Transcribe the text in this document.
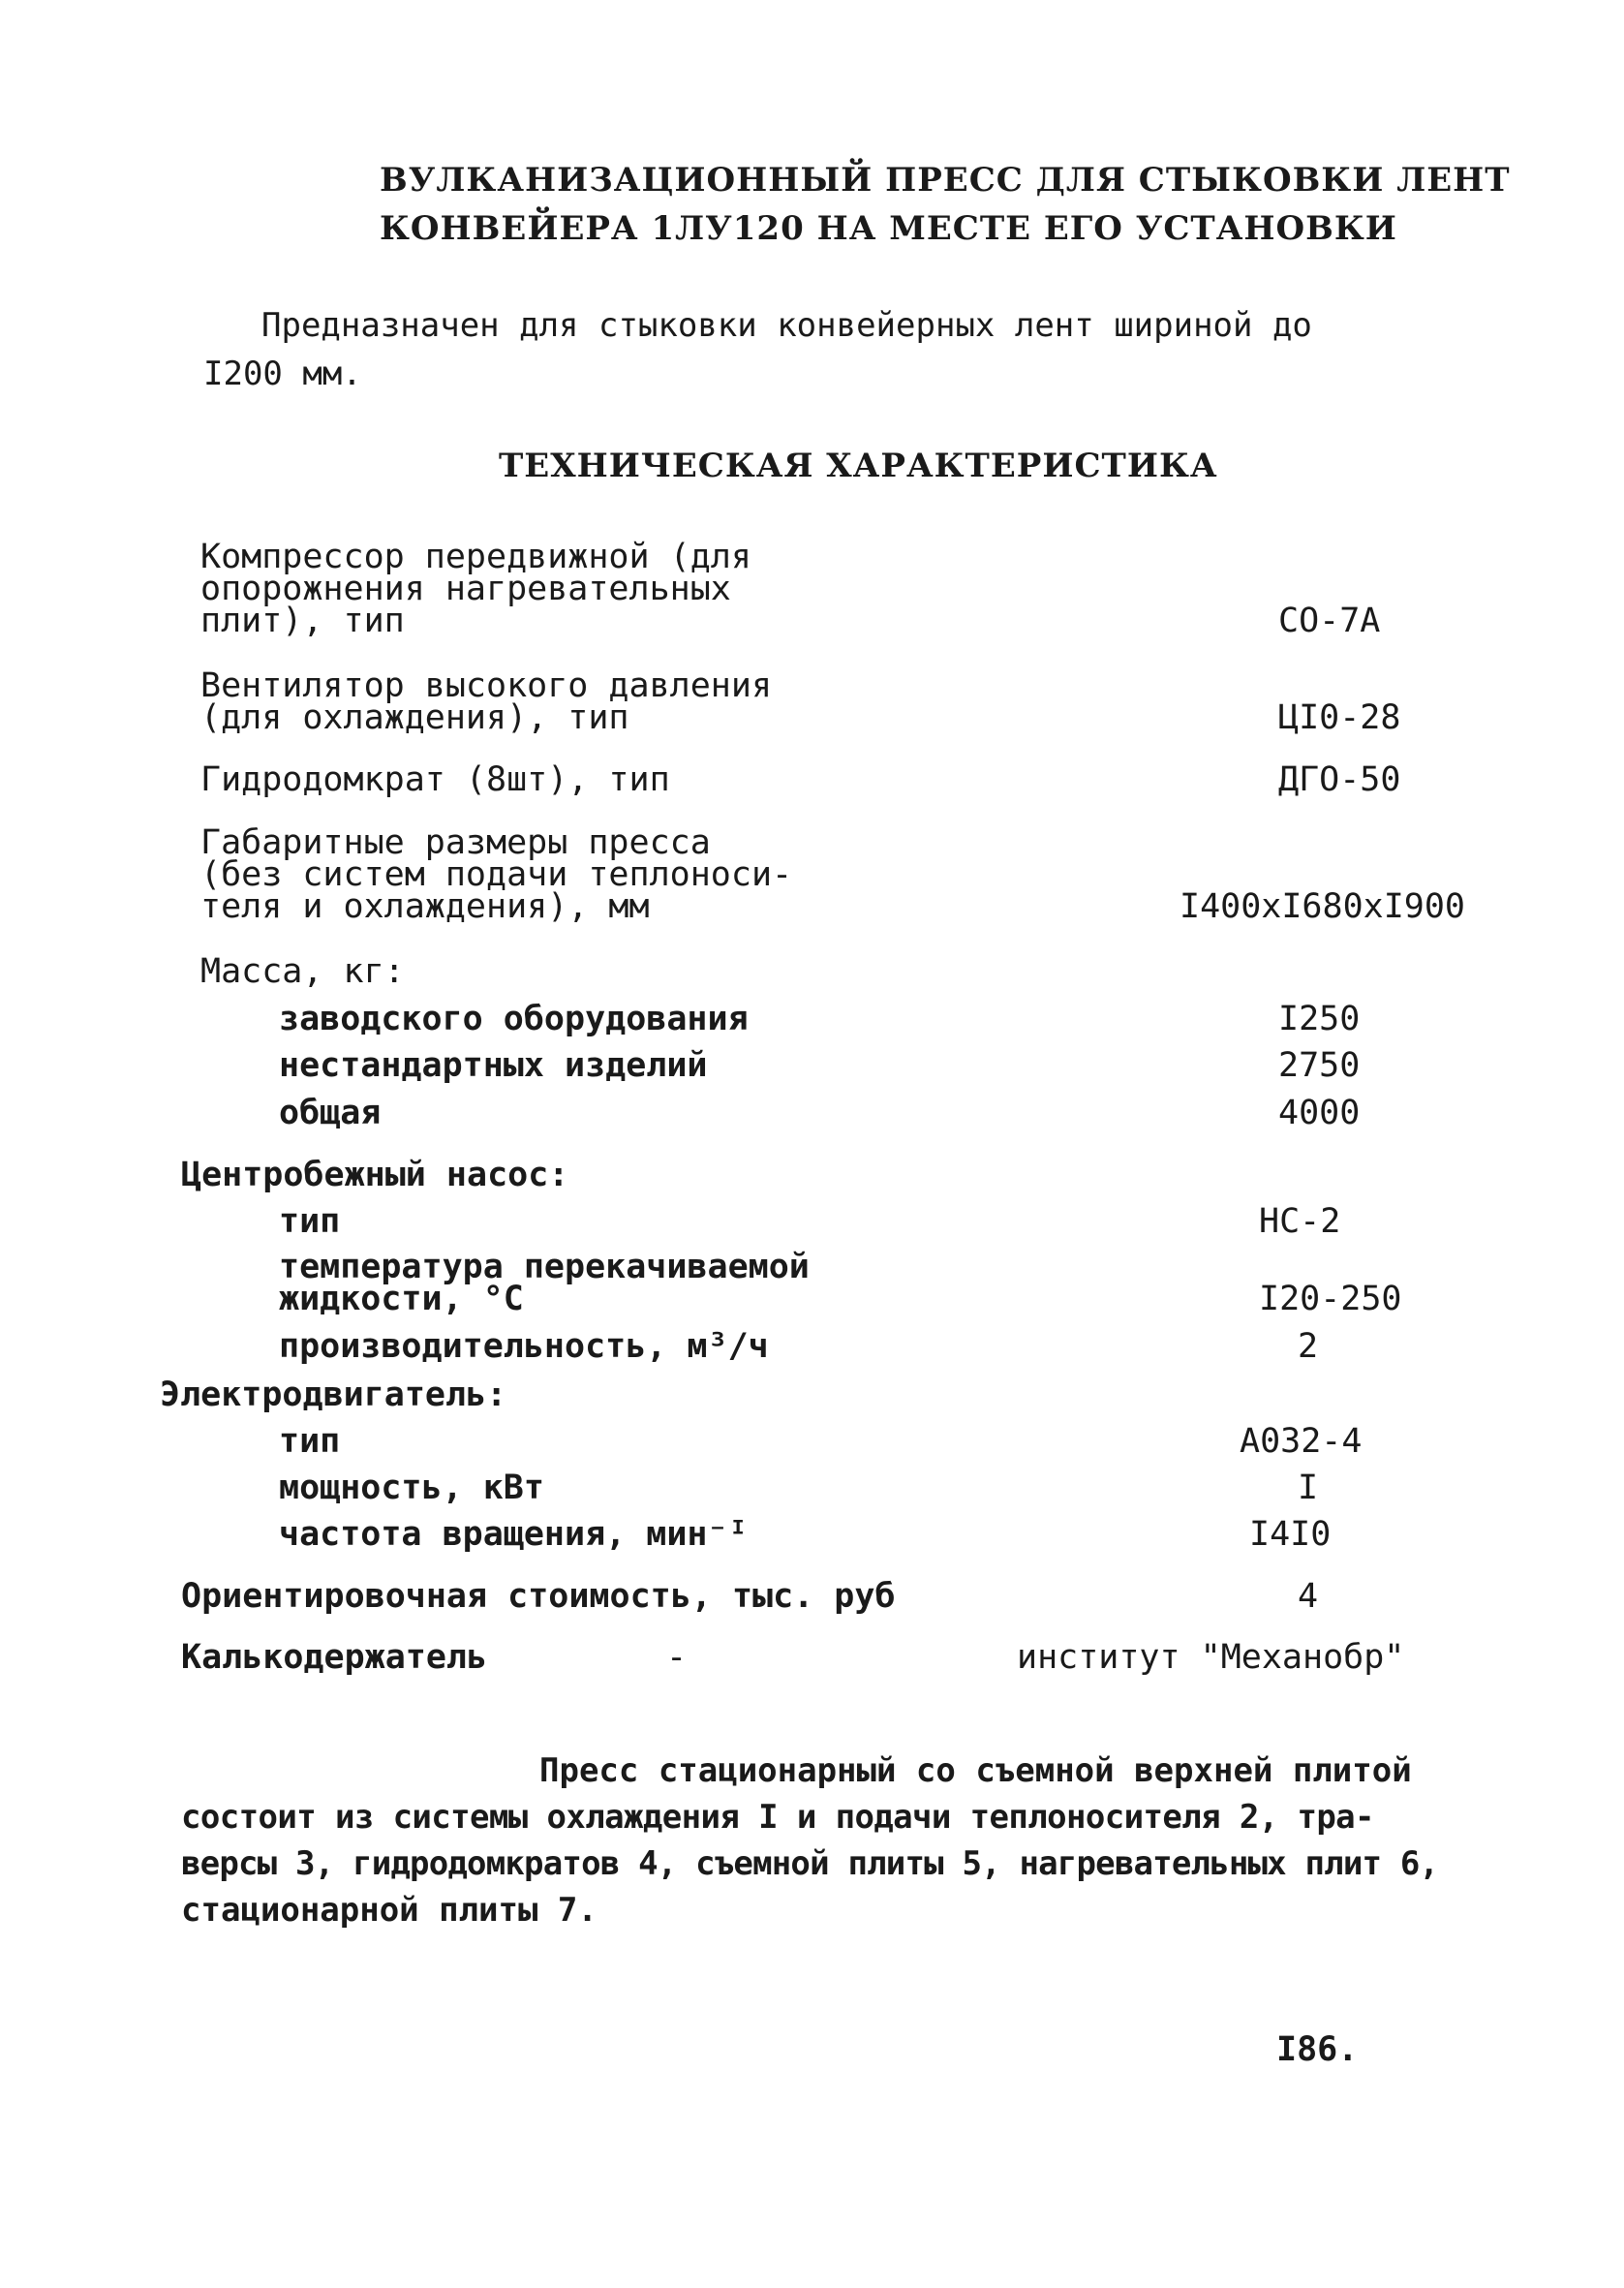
ВУЛКАНИЗАЦИОННЫЙ ПРЕСС ДЛЯ СТЫКОВКИ ЛЕНТ
КОНВЕЙЕРА 1ЛУ120 НА МЕСТЕ ЕГО УСТАНОВКИ
Предназначен для стыковки конвейерных лент шириной до
I200 мм.
ТЕХНИЧЕСКАЯ ХАРАКТЕРИСТИКА
Компрессор передвижной (для
опорожнения нагревательных
плит), тип	СО-7А
Вентилятор высокого давления
(для охлаждения), тип	ЦI0-28
Гидродомкрат (8шт), тип	ДГО-50
Габаритные размеры пресса
(без систем подачи теплоноси-
теля и охлаждения), мм	I400xI680xI900
Масса, кг:
заводского оборудования	I250
нестандартных изделий	2750
общая	4000
Центробежный насос:
тип	НС-2
температура перекачиваемой
жидкости, °С	I20-250
производительность, м³/ч	2
Электродвигатель:
тип	А032-4
мощность, кВт	I
частота вращения, мин⁻ᴵ	I4I0
Ориентировочная стоимость, тыс. руб	4
Калькодержатель	-	институт "Механобр"
Пресс стационарный со съемной верхней плитой
состоит из системы охлаждения I и подачи теплоносителя 2, тра-
версы 3, гидродомкратов 4, съемной плиты 5, нагревательных плит 6,
стационарной плиты 7.
I86.
